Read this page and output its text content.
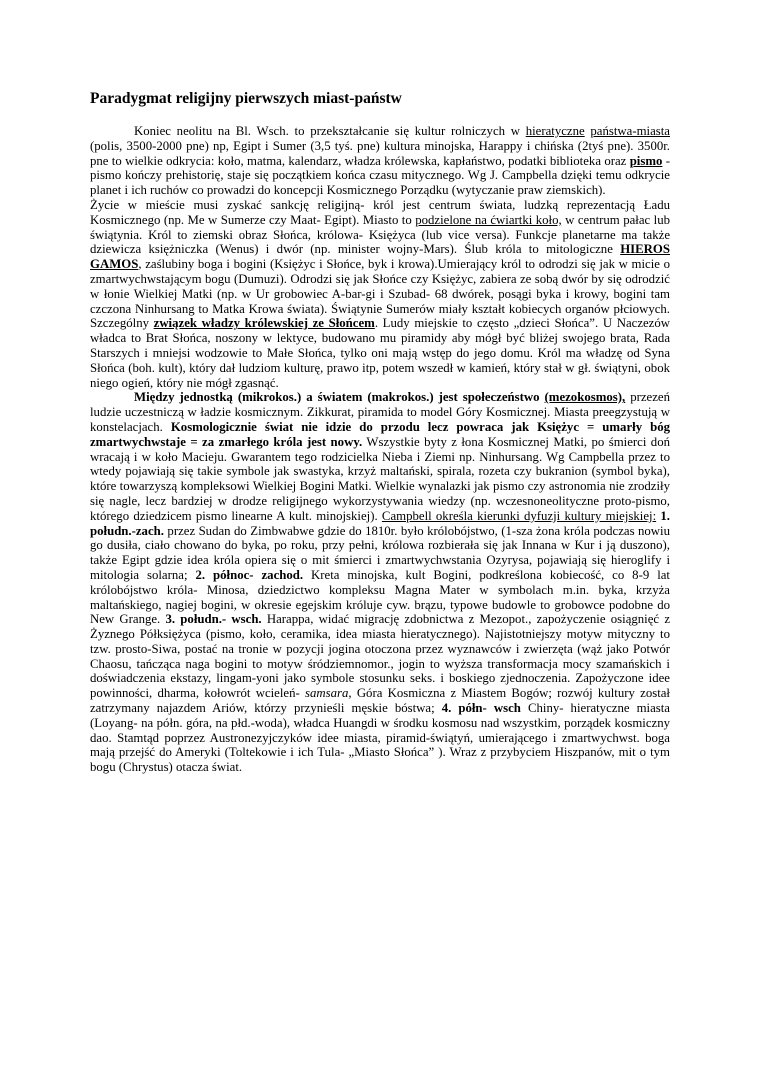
Paradygmat religijny pierwszych miast-państw

Koniec neolitu na Bl. Wsch. to przekształcanie się kultur rolniczych w hieratyczne państwa-miasta (polis, 3500-2000 pne) np, Egipt i Sumer (3,5 tyś. pne) kultura minojska, Harappy i chińska (2tyś pne). 3500r. pne to wielkie odkrycia: koło, matma, kalendarz, władza królewska, kapłaństwo, podatki biblioteka oraz pismo -pismo kończy prehistorię, staje się początkiem końca czasu mitycznego. Wg J. Campbella dzięki temu odkrycie planet i ich ruchów co prowadzi do koncepcji Kosmicznego Porządku (wytyczanie praw ziemskich).

Życie w mieście musi zyskać sankcję religijną- król jest centrum świata, ludzką reprezentacją Ładu Kosmicznego (np. Me w Sumerze czy Maat- Egipt). Miasto to podzielone na ćwiartki koło, w centrum pałac lub świątynia. Król to ziemski obraz Słońca, królowa- Księżyca (lub vice versa). Funkcje planetarne ma także dziewicza księżniczka (Wenus) i dwór (np. minister wojny-Mars). Ślub króla to mitologiczne HIEROS GAMOS, zaślubiny boga i bogini (Księżyc i Słońce, byk i krowa).Umierający król to odrodzi się jak w micie o zmartwychwstającym bogu (Dumuzi). Odrodzi się jak Słońce czy Księżyc, zabiera ze sobą dwór by się odrodzić w łonie Wielkiej Matki (np. w Ur grobowiec A-bar-gi i Szubad- 68 dwórek, posągi byka i krowy, bogini tam czczona Ninhursang to Matka Krowa świata). Świątynie Sumerów miały kształt kobiecych organów płciowych. Szczególny związek władzy królewskiej ze Słońcem. Ludy miejskie to często „dzieci Słońca”. U Naczezów władca to Brat Słońca, noszony w lektyce, budowano mu piramidy aby mógł być bliżej swojego brata, Rada Starszych i mniejsi wodzowie to Małe Słońca, tylko oni mają wstęp do jego domu. Król ma władzę od Syna Słońca (boh. kult), który dał ludziom kulturę, prawo itp, potem wszedł w kamień, który stał w gł. świątyni, obok niego ogień, który nie mógł zgasnąć.

Między jednostką (mikrokos.) a światem (makrokos.) jest społeczeństwo (mezokosmos), przezeń ludzie uczestniczą w ładzie kosmicznym. Zikkurat, piramida to model Góry Kosmicznej. Miasta preegzystują w konstelacjach. Kosmologicznie świat nie idzie do przodu lecz powraca jak Księżyc = umarły bóg zmartwychwstaje = za zmarłego króla jest nowy. Wszystkie byty z łona Kosmicznej Matki, po śmierci doń wracają i w koło Macieju. Gwarantem tego rodzicielka Nieba i Ziemi np. Ninhursang. Wg Campbella przez to wtedy pojawiają się takie symbole jak swastyka, krzyż maltański, spirala, rozeta czy bukranion (symbol byka), które towarzyszą kompleksowi Wielkiej Bogini Matki. Wielkie wynalazki jak pismo czy astronomia nie zrodziły się nagle, lecz bardziej w drodze religijnego wykorzystywania wiedzy (np. wczesnoneolityczne proto-pismo, którego dziedzicem pismo linearne A kult. minojskiej). Campbell określa kierunki dyfuzji kultury miejskiej: 1. połudn.-zach. przez Sudan do Zimbwabwe gdzie do 1810r. było królobójstwo, (1-sza żona króla podczas nowiu go dusiła, ciało chowano do byka, po roku, przy pełni, królowa rozbierała się jak Innana w Kur i ją duszono), także Egipt gdzie idea króla opiera się o mit śmierci i zmartwychwstania Ozyrysa, pojawiają się hieroglify i mitologia solarna; 2. północ- zachod. Kreta minojska, kult Bogini, podkreślona kobiecość, co 8-9 lat królobójstwo króla- Minosa, dziedzictwo kompleksu Magna Mater w symbolach m.in. byka, krzyża maltańskiego, nagiej bogini, w okresie egejskim króluje cyw. brązu, typowe budowle to grobowce podobne do New Grange. 3. połudn.- wsch. Harappa, widać migrację zdobnictwa z Mezopot., zapożyczenie osiągnięć z Żyznego Półksiężyca (pismo, koło, ceramika, idea miasta hieratycznego). Najistotniejszy motyw mityczny to tzw. prosto-Siwa, postać na tronie w pozycji jogina otoczona przez wyznawców i zwierzęta (wąż jako Potwór Chaosu, tańcząca naga bogini to motyw śródziemnomor., jogin to wyższa transformacja mocy szamańskich i doświadczenia ekstazy, lingam-yoni jako symbole stosunku seks. i boskiego zjednoczenia. Zapożyczone idee powinności, dharma, kołowrót wcieleń- samsara, Góra Kosmiczna z Miastem Bogów; rozwój kultury został zatrzymany najazdem Ariów, którzy przynieśli męskie bóstwa; 4. półn- wsch Chiny- hieratyczne miasta (Loyang- na półn. góra, na płd.-woda), władca Huangdi w środku kosmosu nad wszystkim, porządek kosmiczny dao. Stamtąd poprzez Austronezyjczyków idee miasta, piramid-świątyń, umierającego i zmartwychwst. boga mają przejść do Ameryki (Toltekowie i ich Tula- „Miasto Słońca” ). Wraz z przybyciem Hiszpanów, mit o tym bogu (Chrystus) otacza świat.
